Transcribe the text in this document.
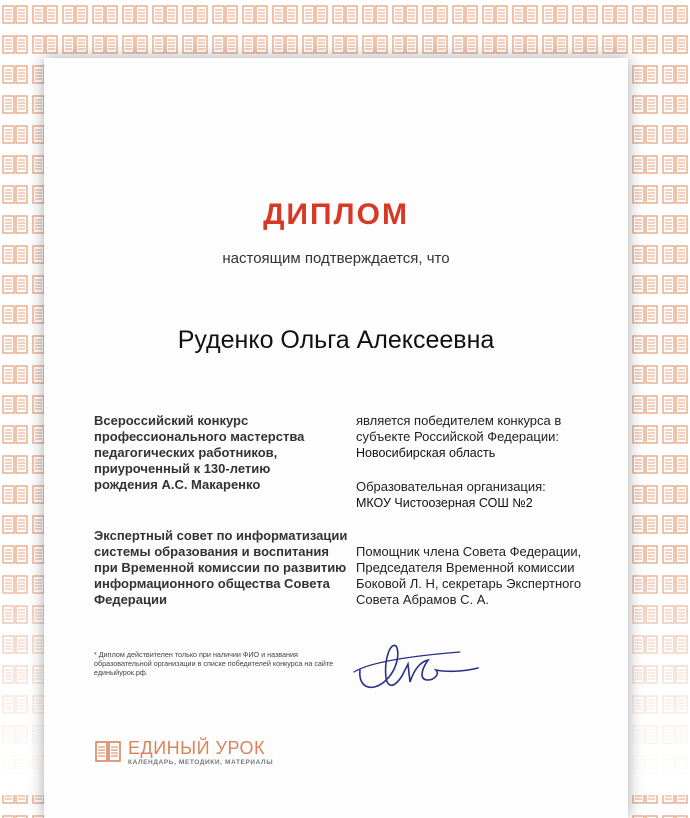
ДИПЛОМ
настоящим подтверждается, что
Руденко Ольга Алексеевна
Всероссийский конкурс профессионального мастерства педагогических работников, приуроченный к 130-летию рождения А.С. Макаренко
Экспертный совет по информатизации системы образования и воспитания при Временной комиссии по развитию информационного общества Совета Федерации
является победителем конкурса в субъекте Российской Федерации:
Новосибирская область
Образовательная организация:
МКОУ Чистоозерная СОШ №2
Помощник члена Совета Федерации, Председателя Временной комиссии Боковой Л. Н, секретарь Экспертного Совета Абрамов С. А.
* Диплом действителен только при наличии ФИО и названия образовательной организации в списке победителей конкурса на сайте единыйурок.рф.
ЕДИНЫЙ УРОК
КАЛЕНДАРЬ, МЕТОДИКИ, МАТЕРИАЛЫ
